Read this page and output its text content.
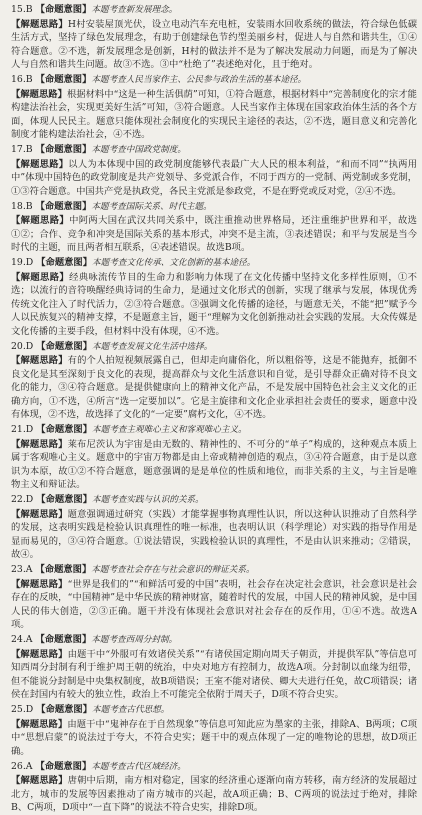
15.B 【命题意图】本题考查新发展理念。

【解题思路】H村安装屋顶光伏，设立电动汽车充电桩，安装雨水回收系统的做法，符合绿色低碳生活方式，坚持了绿色发展理念，有助于创建绿色节约型美丽乡村，促进人与自然和谐共生，①④符合题意。②不选，新发展理念是创新，H村的做法并不是为了解决发展动力问题，而是为了解决人与自然和谐共生问题。故③不选。③中“杜绝了”表述绝对化，且于绝对。

16.B 【命题意图】本题考查人民当家作主、公民参与政治生活的基本途径。

【解题思路】根据材料中“这是一种生活俱荫”可知，①符合题意，根据材料中“完善制度化的宗才能构建法治社会，实现更美好生活”可知，③符合题意。人民当家作主体现在国家政治体生活的各个方面，体现人民民主。题意只能体现社会制度化的实现民主途径的表达，②不选，题目意义和完善化制度才能构建法治社会，④不选。

17.B 【命题意图】本题考查中国政党制度。

【解题思路】以人为本体现中国的政党制度能够代表最广大人民的根本利益，“和而不同”“执两用中”体现中国特色的政党制度是共产党领导、多党派合作，不同于西方的一党制、两党制或多党制，①③符合题意。中国共产党是执政党，各民主党派是参政党，不是在野党或反对党，②④不选。

18.B 【命题意图】本题考查国际关系、时代主题。

【解题思路】中阿两大国在武汉共同关系中，既注重推动世界格局，还注重维护世界和平，故选①②；合作、竞争和冲突是国际关系的基本形式，冲突不是主流，③表述错误；和平与发展是当今时代的主题，而且两者相互联系，④表述错误。故选B项。

19.D 【命题意图】本题考查文化传承、文化创新的基本途径。

【解题思路】经典咏流传节目的生命力和影响力体现了在文化传播中坚持文化多样性原则，①不选；以流行的音符唤醒经典诗词的生命力，是通过文化形式的创新，实现了继承与发展，体现优秀传统文化注入了时代活力，②③符合题意。③强调文化传播的途径，与题意无关，不能“把”赋予今人以民族复兴的精神支撑，不是题意主旨，题干“理解为文化创新推动社会实践的发展。大众传媒是文化传播的主要手段，但材料中没有体现，④不选。

20.D 【命题意图】本题考查发展文化生活中选择。

【解题思路】有的个人拍短视频展露自己，但却走向庸俗化，所以粗俗等，这是不能抛弃，抵御不良文化是其至深刻于良文化的表现，提高群众与文化生活意识和自觉，是引导群众正确对待不良文化的能力，③④符合题意。是提供健康向上的精神文化产品，不是发展中国特色社会主义文化的正确方向，①不选，④所言“选一定要加以”。它是主旋律和文化企业承担社会责任的要求，题意中没有体现，②不选，故选择了文化的“一定要”腐朽文化，④不选。

21.D 【命题意图】本题考查主观唯心主义和客观唯心主义。

【解题思路】莱布尼茨认为宇宙是由无数的、精神性的、不可分的“单子”构成的，这种观点本质上属于客观唯心主义。题意中的宇宙万物都是由上帝或精神创造的观点，③④符合题意，由于是以意识为本原，故①②不符合题意，题意强调的是是单位的性质和地位，而非关系的主义，与主旨是唯物主义和辩证法。

22.D 【命题意图】本题考查实践与认识的关系。

【解题思路】题意强调通过研究（实践）才能掌握事物真理性认识，所以这种认识推动了自然科学的发展，这表明实践是检验认识真理性的唯一标准，也表明认识（科学理论）对实践的指导作用是显而易见的，③④符合题意。①说法错误，实践检验认识的真理性，不是由认识来推动；②错误，故④。

23.A 【命题意图】本题考查社会存在与社会意识的辩证关系。

【解题思路】“世界是我们的”“和鲜活可爱的中国”表明，社会存在决定社会意识，社会意识是社会存在的反映，“中国精神”是中华民族的精神财富，随着时代的发展，中国人民的精神风貌，是中国人民的伟大创造，②③正确。题干并没有体现社会意识对社会存在的反作用，①④不选。故选A项。

24.A 【命题意图】本题考查西周分封制。

【解题思路】由题干中“外服可有效诸侯关系”“有诸侯国定期向周天子朝贡，并提供军队”等信息可知西周分封制有利于维护周王朝的统治，中央对地方有控制力，故选A项。分封制以血缘为纽带，但不能说分封制是中央集权制度，故B项错误；王室不能对诸侯、卿大夫进行任免，故C项错误；诸侯在封国内有较大的独立性，政治上不可能完全依附于周天子，D项不符合史实。

25.D 【命题意图】本题考查古代思想。

【解题思路】由题干中“鬼神存在于自然现象”等信息可知此应为墨家的主张，排除A、B两项；C项中“思想启蒙”的说法过于夸大，不符合史实；题干中的观点体现了一定的唯物论的思想，故D项正确。

26.A 【命题意图】本题考查古代区域经济。

【解题思路】唐朝中后期，南方相对稳定，国家的经济重心逐渐向南方转移，南方经济的发展超过北方，城市的发展等因素推动了南方城市的兴起，故A项正确；B、C两项的说法过于绝对，排除B、C两项，D项中“一直下降”的说法不符合史实，排除D项。
